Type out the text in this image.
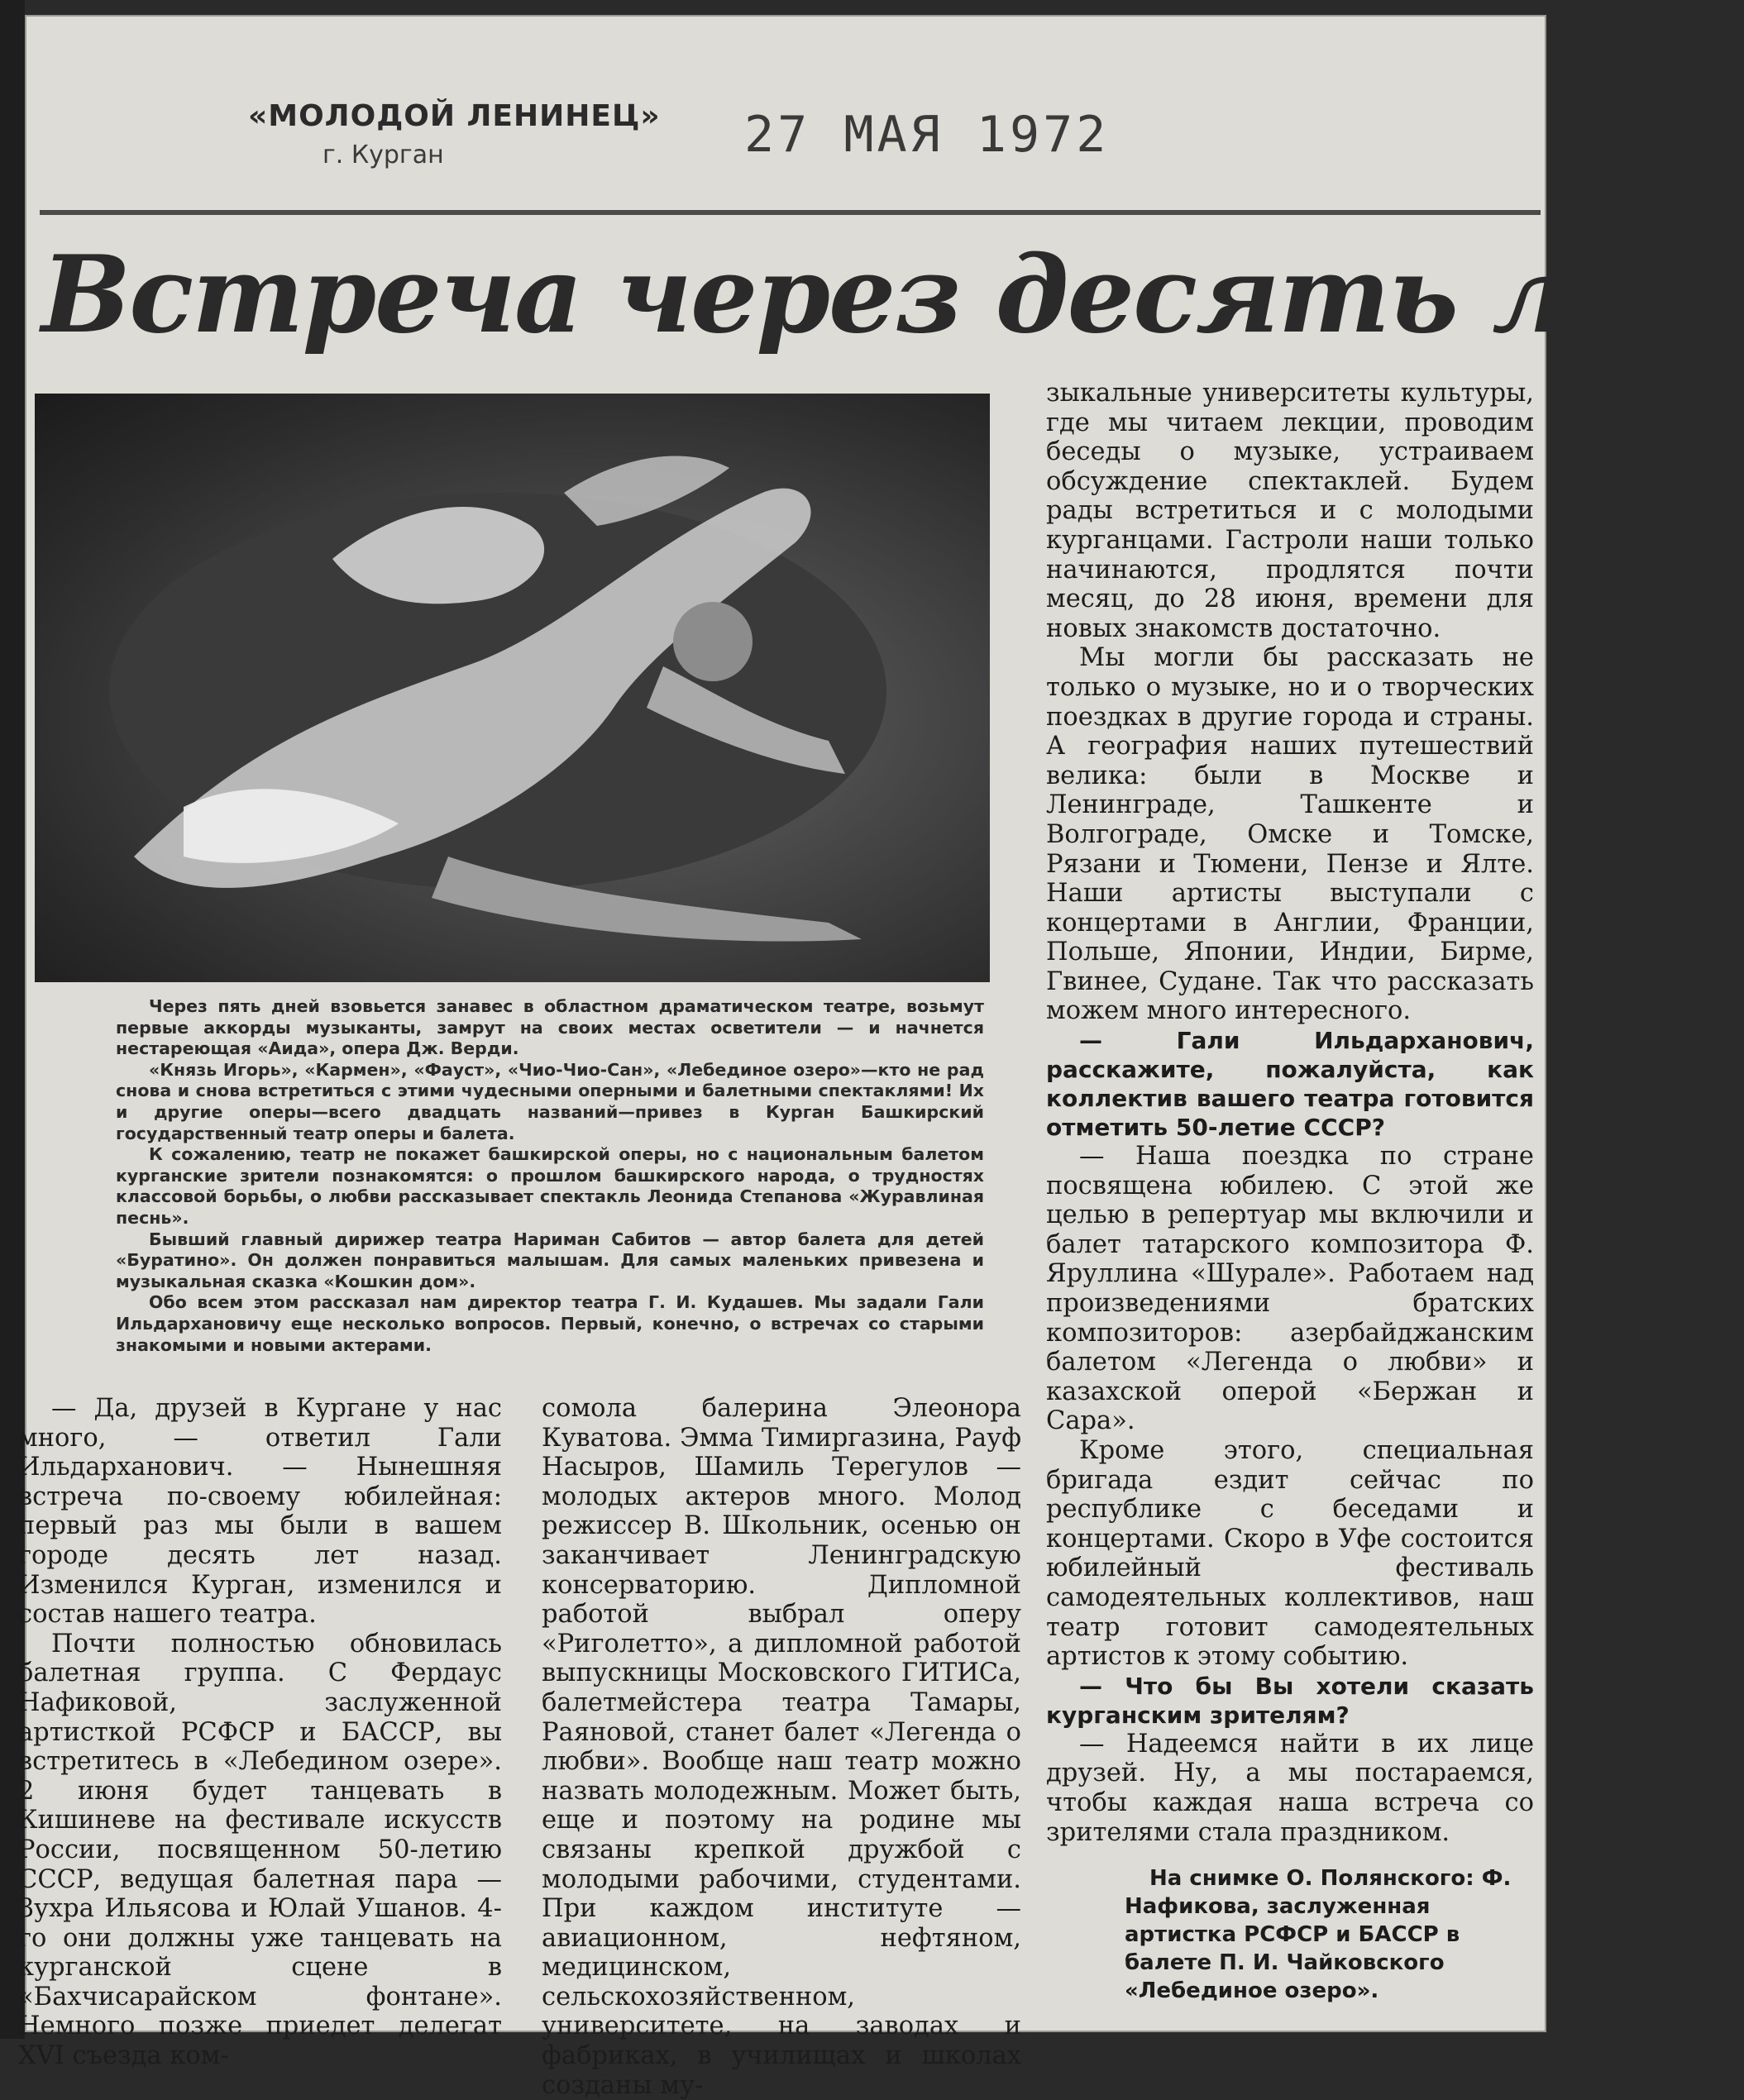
«МОЛОДОЙ ЛЕНИНЕЦ»
г. Курган	27 МАЯ 1972
Встреча через десять лет

Через пять дней взовьется занавес в областном драматическом театре, возьмут первые аккорды музыканты, замрут на своих местах осветители — и начнется нестареющая «Аида», опера Дж. Верди.

«Князь Игорь», «Кармен», «Фауст», «Чио-Чио-Сан», «Лебединое озеро»—кто не рад снова и снова встретиться с этими чудесными оперными и балетными спектаклями! Их и другие оперы—всего двадцать названий—привез в Курган Башкирский государственный театр оперы и балета.

К сожалению, театр не покажет башкирской оперы, но с национальным балетом курганские зрители познакомятся: о прошлом башкирского народа, о трудностях классовой борьбы, о любви рассказывает спектакль Леонида Степанова «Журавлиная песнь».

Бывший главный дирижер театра Нариман Сабитов — автор балета для детей «Буратино». Он должен понравиться малышам. Для самых маленьких привезена и музыкальная сказка «Кошкин дом».

Обо всем этом рассказал нам директор театра Г. И. Кудашев. Мы задали Гали Ильдархановичу еще несколько вопросов. Первый, конечно, о встречах со старыми знакомыми и новыми актерами.

— Да, друзей в Кургане у нас много, — ответил Гали Ильдарханович. — Нынешняя встреча по-своему юбилейная: первый раз мы были в вашем городе десять лет назад. Изменился Курган, изменился и состав нашего театра.

Почти полностью обновилась балетная группа. С Фердаус Нафиковой, заслуженной артисткой РСФСР и БАССР, вы встретитесь в «Лебедином озере». 2 июня будет танцевать в Кишиневе на фестивале искусств России, посвященном 50-летию СССР, ведущая балетная пара — Зухра Ильясова и Юлай Ушанов. 4-го они должны уже танцевать на курганской сцене в «Бахчисарайском фонтане». Немного позже приедет делегат XVI съезда ком-

сомола балерина Элеонора Куватова. Эмма Тимиргазина, Рауф Насыров, Шамиль Терегулов — молодых актеров много. Молод режиссер В. Школьник, осенью он заканчивает Ленинградскую консерваторию. Дипломной работой выбрал оперу «Риголетто», а дипломной работой выпускницы Московского ГИТИСа, балетмейстера театра Тамары, Раяновой, станет балет «Легенда о любви». Вообще наш театр можно назвать молодежным. Может быть, еще и поэтому на родине мы связаны крепкой дружбой с молодыми рабочими, студентами. При каждом институте — авиационном, нефтяном, медицинском, сельскохозяйственном, университете, на заводах и фабриках, в училищах и школах созданы му-

зыкальные университеты культуры, где мы читаем лекции, проводим беседы о музыке, устраиваем обсуждение спектаклей. Будем рады встретиться и с молодыми курганцами. Гастроли наши только начинаются, продлятся почти месяц, до 28 июня, времени для новых знакомств достаточно.

Мы могли бы рассказать не только о музыке, но и о творческих поездках в другие города и страны. А география наших путешествий велика: были в Москве и Ленинграде, Ташкенте и Волгограде, Омске и Томске, Рязани и Тюмени, Пензе и Ялте. Наши артисты выступали с концертами в Англии, Франции, Польше, Японии, Индии, Бирме, Гвинее, Судане. Так что рассказать можем много интересного.

— Гали Ильдарханович, расскажите, пожалуйста, как коллектив вашего театра готовится отметить 50-летие СССР?

— Наша поездка по стране посвящена юбилею. С этой же целью в репертуар мы включили и балет татарского композитора Ф. Яруллина «Шурале». Работаем над произведениями братских композиторов: азербайджанским балетом «Легенда о любви» и казахской оперой «Бержан и Сара».

Кроме этого, специальная бригада ездит сейчас по республике с беседами и концертами. Скоро в Уфе состоится юбилейный фестиваль самодеятельных коллективов, наш театр готовит самодеятельных артистов к этому событию.

— Что бы Вы хотели сказать курганским зрителям?

— Надеемся найти в их лице друзей. Ну, а мы постараемся, чтобы каждая наша встреча со зрителями стала праздником.

На снимке О. Полянского: Ф. Нафикова, заслуженная артистка РСФСР и БАССР в балете П. И. Чайковского «Лебединое озеро».
